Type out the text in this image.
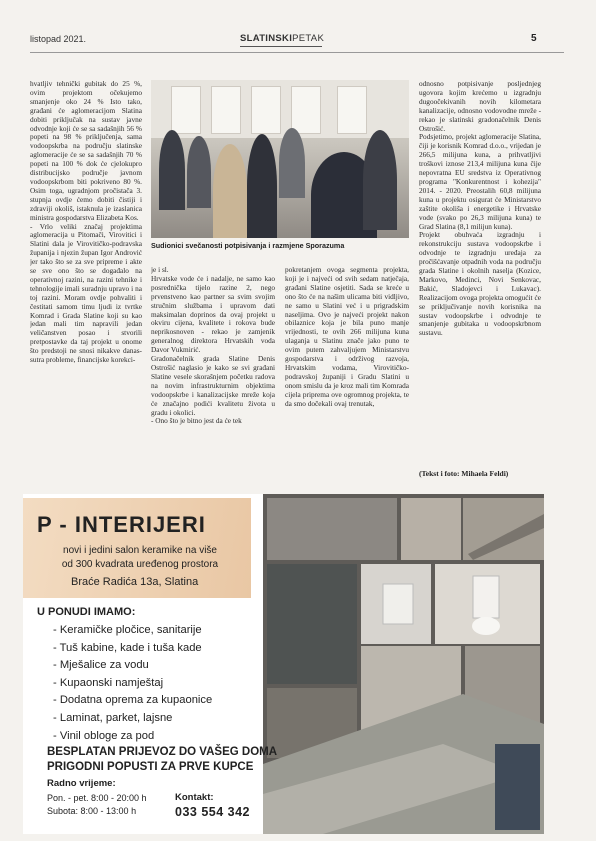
listopad 2021.	SLATINSKIPETAK	5

hvatljiv tehnički gubitak do 25 %, ovim projektom očekujemo smanjenje oko 24 % Isto tako, građani će aglomeracijom Slatina dobiti priključak na sustav javne odvodnje koji će se sa sadašnjih 56 % popeti na 98 % priključenja, sama vodoopskrba na području slatinske aglomeracije će se sa sadašnjih 70 % popeti na 100 % dok će cjelokupro distribucijsko područje javnom vodoopskrbom biti pokriveno 80 %. Osim toga, ugradnjom pročistača 3. stupnja ovdje ćemo dobiti čistiji i zdraviji okoliš, istaknula je izaslanica ministra gospodarstva Elizabeta Kos.

- Vrlo veliki značaj projektima aglomeracija u Pitomači, Virovitici i Slatini dala je Virovitičko-podravska županija i njezin župan Igor Andrović jer tako što se za sve pripreme i akte se sve ono što se događalo na operativnoj razini, na razini tehnike i tehnologije imali suradnju upravo i na toj razini. Moram ovdje pohvaliti i čestitati samom timu ljudi iz tvrtke Komrad i Grada Slatine koji su kao jedan mali tim napravili jedan veličanstven posao i stvorili pretpostavke da taj projekt u onome što predstoji ne snosi nikakve danas-sutra probleme, financijske korekci-

Sudionici svečanosti potpisivanja i razmjene Sporazuma

je i sl.

Hrvatske vode će i nadalje, ne samo kao posrednička tijelo razine 2, nego prvenstveno kao partner sa svim svojim stručnim službama i upravom dati maksimalan doprinos da ovaj projekt u okviru cijena, kvalitete i rokova bude neprikosnoven - rekao je zamjenik generalnog direktora Hrvatskih voda Davor Vukmirić.

Gradonačelnik grada Slatine Denis Ostrošić naglasio je kako se svi građani Slatine vesele skorašnjem početku radova na novim infrastrukturnim objektima vodoopskrbe i kanalizacijske mreže koja će značajno podići kvalitetu života u gradu i okolici.

- Ono što je bitno jest da će tek

pokretanjem ovoga segmenta projekta, koji je i najveći od svih sedam natječaja, građani Slatine osjetiti. Sada se kreće u ono što će na našim ulicama biti vidljivo, ne samo u Slatini već i u prigradskim naseljima. Ovo je najveći projekt nakon obilaznice koja je bila puno manje vrijednosti, te ovih 266 milijuna kuna ulaganja u Slatinu znače jako puno te ovim putem zahvaljujem Ministarstvu gospodarstva i održivog razvoja, Hrvatskim vodama, Virovitičko-podravskoj županiji i Gradu Slatini u onom smislu da je kroz mali tim Komrada cijela priprema ove ogromnog projekta, te da smo dočekali ovaj trenutak,

odnosno potpisivanje posljednjeg ugovora kojim krećemo u izgradnju dugoočekivanih novih kilometara kanalizacije, odnosno vodovodne mreže - rekao je slatinski gradonačelnik Denis Ostrošić.

Podsjetimo, projekt aglomeracije Slatina, čiji je korisnik Komrad d.o.o., vrijedan je 266,5 milijuna kuna, a prihvatljivi troškovi iznose 213,4 milijuna kuna čije nepovratna EU sredstva iz Operativnog programa "Konkurentnost i kohezija" 2014. - 2020. Preostalih 60,8 milijuna kuna u projektu osigurat će Ministarstvo zaštite okoliša i energetike i Hrvatske vode (svako po 26,3 milijuna kuna) te Grad Slatina (8,1 milijun kuna).

Projekt obuhvaća izgradnju i rekonstrukciju sustava vodoopskrbe i odvodnje te izgradnju uređaja za pročišćavanje otpadnih voda na području grada Slatine i okolnih naselja (Kozice, Markovo, Medinci, Novi Senkovac, Bakić, Sladojevci i Lukavac). Realizacijom ovoga projekta omogućit će se priključivanje novih korisnika na sustav vodoopskrbe i odvodnje te smanjenje gubitaka u vodoopskrbnom sustavu.

(Tekst i foto: Mihaela Feldi)
P - INTERIJERI
novi i jedini salon keramike na više
od 300 kvadrata uređenog prostora
Braće Radića 13a, Slatina
U PONUDI IMAMO:
- Keramičke pločice, sanitarije
- Tuš kabine, kade i tuša kade
- Mješalice za vodu
- Kupaonski namještaj
- Dodatna oprema za kupaonice
- Laminat, parket, lajsne
- Vinil obloge za pod
BESPLATAN PRIJEVOZ DO VAŠEG DOMA
PRIGODNI POPUSTI ZA PRVE KUPCE
Radno vrijeme:
Pon. - pet. 8:00 - 20:00 h
Subota: 8:00 - 13:00 h
Kontakt:
033 554 342
